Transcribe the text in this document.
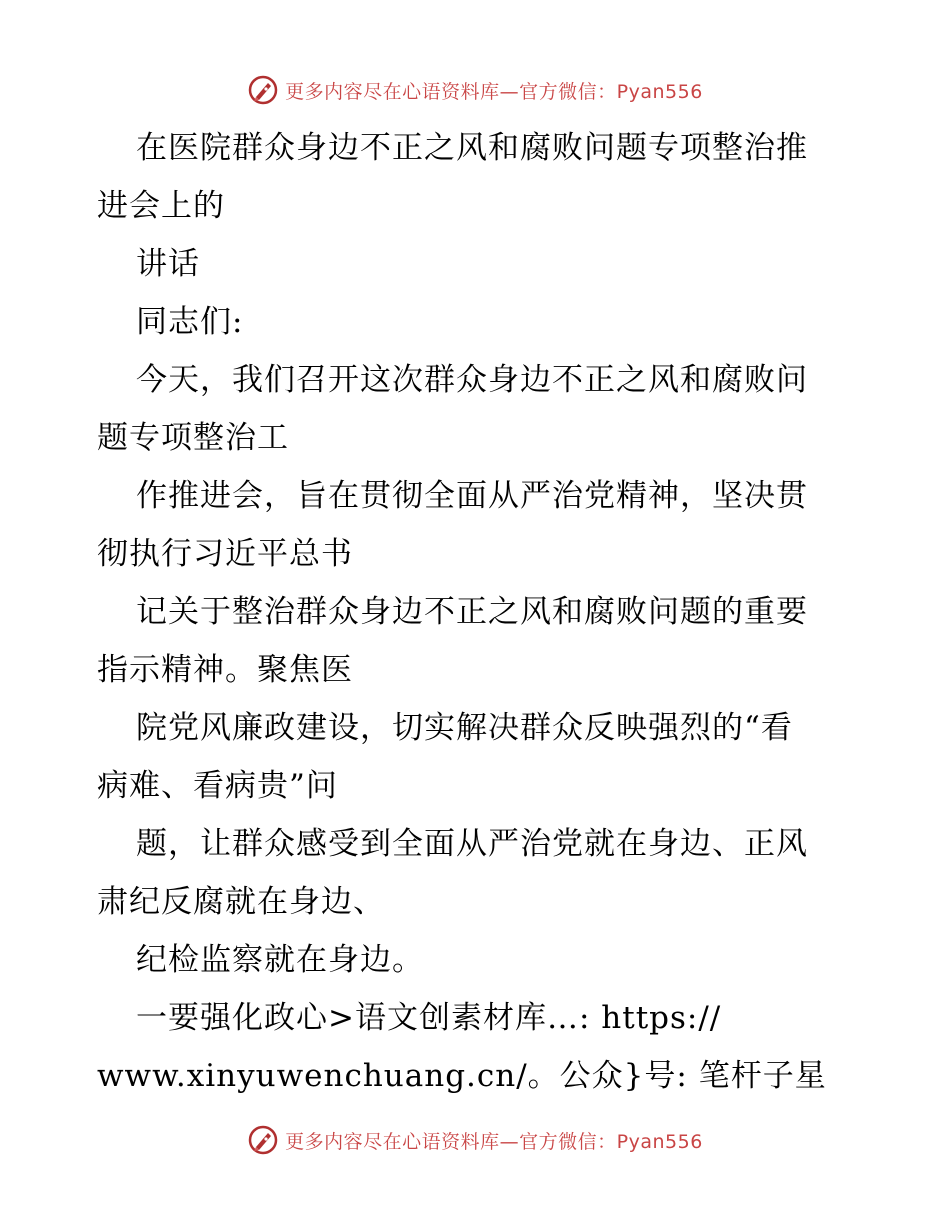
更多内容尽在心语资料库—官方微信：Pyan556
在医院群众身边不正之风和腐败问题专项整治推
进会上的
讲话
同志们:
今天，我们召开这次群众身边不正之风和腐败问
题专项整治工
作推进会，旨在贯彻全面从严治党精神，坚决贯
彻执行习近平总书
记关于整治群众身边不正之风和腐败问题的重要
指示精神。聚焦医
院党风廉政建设，切实解决群众反映强烈的“看
病难、看病贵”问
题，让群众感受到全面从严治党就在身边、正风
肃纪反腐就在身边、
纪检监察就在身边。
一要强化政心>语文创素材库…: https://
www.xinyuwenchuang.cn/。公众}号: 笔杆子星
更多内容尽在心语资料库—官方微信：Pyan556
